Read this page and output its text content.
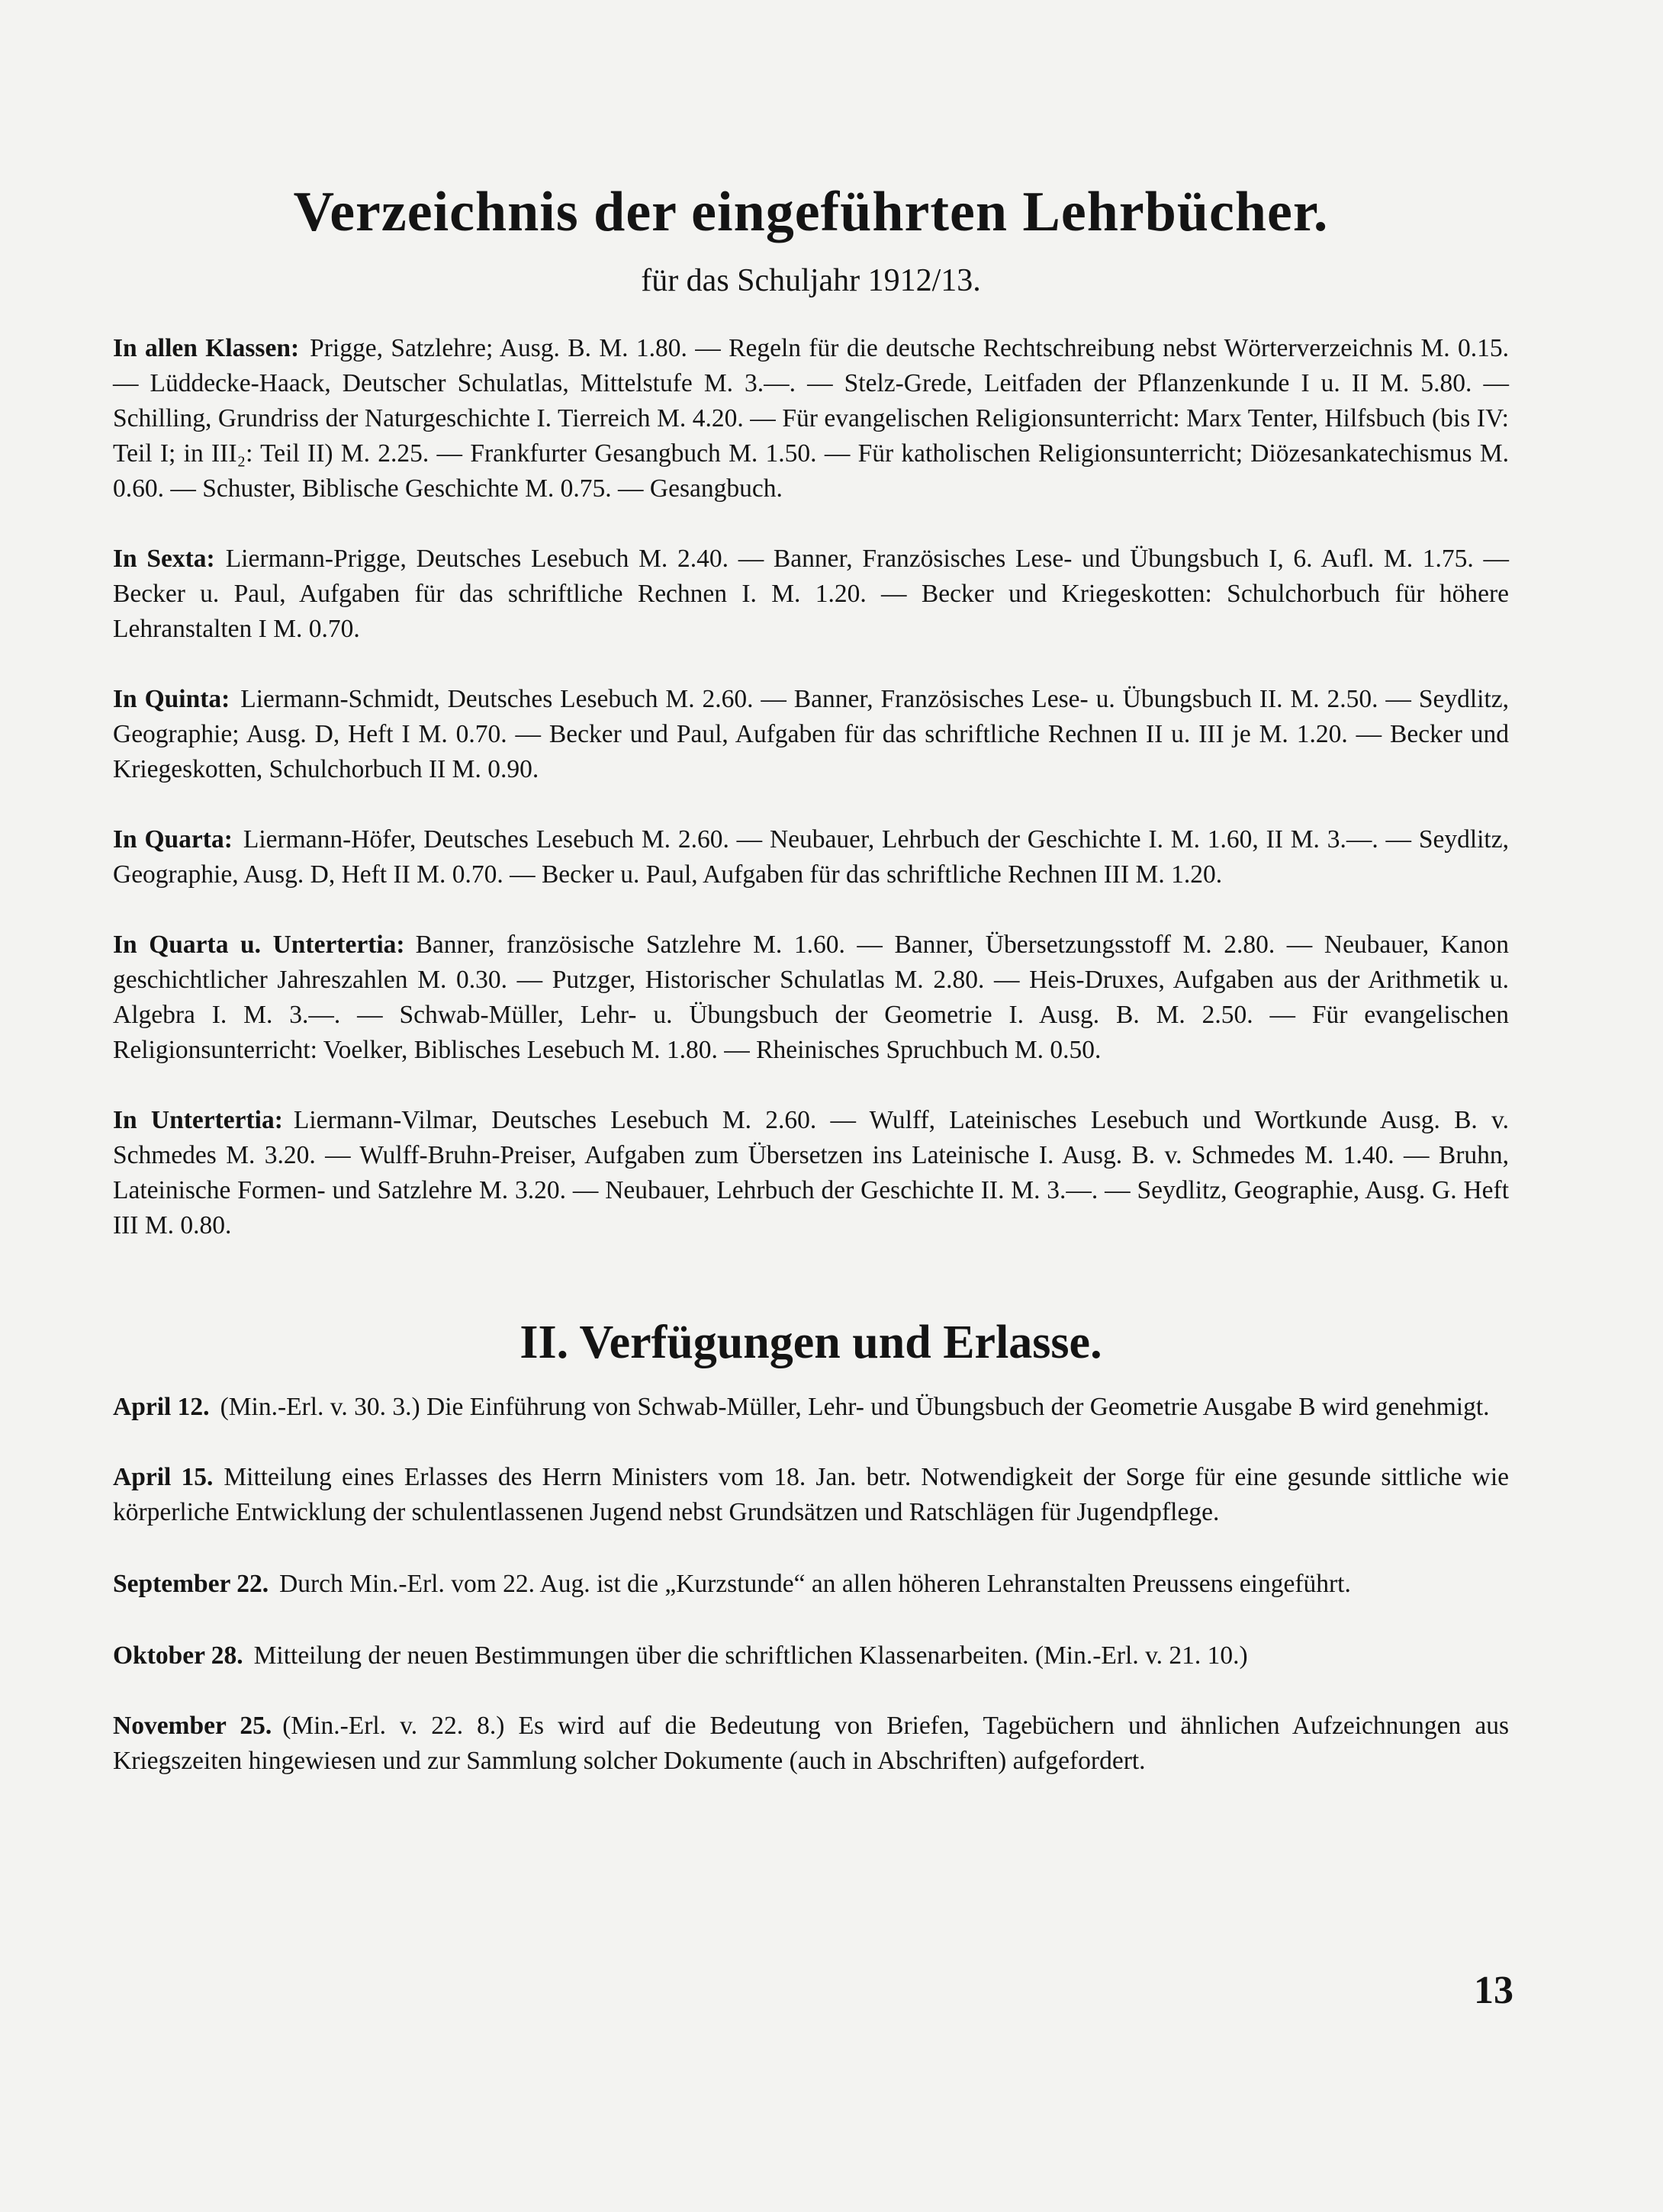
Verzeichnis der eingeführten Lehrbücher.
für das Schuljahr 1912/13.

In allen Klassen: Prigge, Satzlehre; Ausg. B. M. 1.80. — Regeln für die deutsche Rechtschreibung nebst Wörterverzeichnis M. 0.15. — Lüddecke-Haack, Deutscher Schulatlas, Mittelstufe M. 3.—. — Stelz-Grede, Leitfaden der Pflanzenkunde I u. II M. 5.80. — Schilling, Grundriss der Naturgeschichte I. Tierreich M. 4.20. — Für evangelischen Religionsunterricht: Marx Tenter, Hilfsbuch (bis IV: Teil I; in III₂: Teil II) M. 2.25. — Frankfurter Gesangbuch M. 1.50. — Für katholischen Religionsunterricht; Diözesankatechismus M. 0.60. — Schuster, Biblische Geschichte M. 0.75. — Gesangbuch.

In Sexta: Liermann-Prigge, Deutsches Lesebuch M. 2.40. — Banner, Französisches Lese- und Übungsbuch I, 6. Aufl. M. 1.75. — Becker u. Paul, Aufgaben für das schriftliche Rechnen I. M. 1.20. — Becker und Kriegeskotten: Schulchorbuch für höhere Lehranstalten I M. 0.70.

In Quinta: Liermann-Schmidt, Deutsches Lesebuch M. 2.60. — Banner, Französisches Lese- u. Übungsbuch II. M. 2.50. — Seydlitz, Geographie; Ausg. D, Heft I M. 0.70. — Becker und Paul, Aufgaben für das schriftliche Rechnen II u. III je M. 1.20. — Becker und Kriegeskotten, Schulchorbuch II M. 0.90.

In Quarta: Liermann-Höfer, Deutsches Lesebuch M. 2.60. — Neubauer, Lehrbuch der Geschichte I. M. 1.60, II M. 3.—. — Seydlitz, Geographie, Ausg. D, Heft II M. 0.70. — Becker u. Paul, Aufgaben für das schriftliche Rechnen III M. 1.20.

In Quarta u. Untertertia: Banner, französische Satzlehre M. 1.60. — Banner, Übersetzungsstoff M. 2.80. — Neubauer, Kanon geschichtlicher Jahreszahlen M. 0.30. — Putzger, Historischer Schulatlas M. 2.80. — Heis-Druxes, Aufgaben aus der Arithmetik u. Algebra I. M. 3.—. — Schwab-Müller, Lehr- u. Übungsbuch der Geometrie I. Ausg. B. M. 2.50. — Für evangelischen Religionsunterricht: Voelker, Biblisches Lesebuch M. 1.80. — Rheinisches Spruchbuch M. 0.50.

In Untertertia: Liermann-Vilmar, Deutsches Lesebuch M. 2.60. — Wulff, Lateinisches Lesebuch und Wortkunde Ausg. B. v. Schmedes M. 3.20. — Wulff-Bruhn-Preiser, Aufgaben zum Übersetzen ins Lateinische I. Ausg. B. v. Schmedes M. 1.40. — Bruhn, Lateinische Formen- und Satzlehre M. 3.20. — Neubauer, Lehrbuch der Geschichte II. M. 3.—. — Seydlitz, Geographie, Ausg. G. Heft III M. 0.80.

II. Verfügungen und Erlasse.

April 12. (Min.-Erl. v. 30. 3.) Die Einführung von Schwab-Müller, Lehr- und Übungsbuch der Geometrie Ausgabe B wird genehmigt.

April 15. Mitteilung eines Erlasses des Herrn Ministers vom 18. Jan. betr. Notwendigkeit der Sorge für eine gesunde sittliche wie körperliche Entwicklung der schulentlassenen Jugend nebst Grundsätzen und Ratschlägen für Jugendpflege.

September 22. Durch Min.-Erl. vom 22. Aug. ist die „Kurzstunde“ an allen höheren Lehranstalten Preussens eingeführt.

Oktober 28. Mitteilung der neuen Bestimmungen über die schriftlichen Klassenarbeiten. (Min.-Erl. v. 21. 10.)

November 25. (Min.-Erl. v. 22. 8.) Es wird auf die Bedeutung von Briefen, Tagebüchern und ähnlichen Aufzeichnungen aus Kriegszeiten hingewiesen und zur Sammlung solcher Dokumente (auch in Abschriften) aufgefordert.

13
